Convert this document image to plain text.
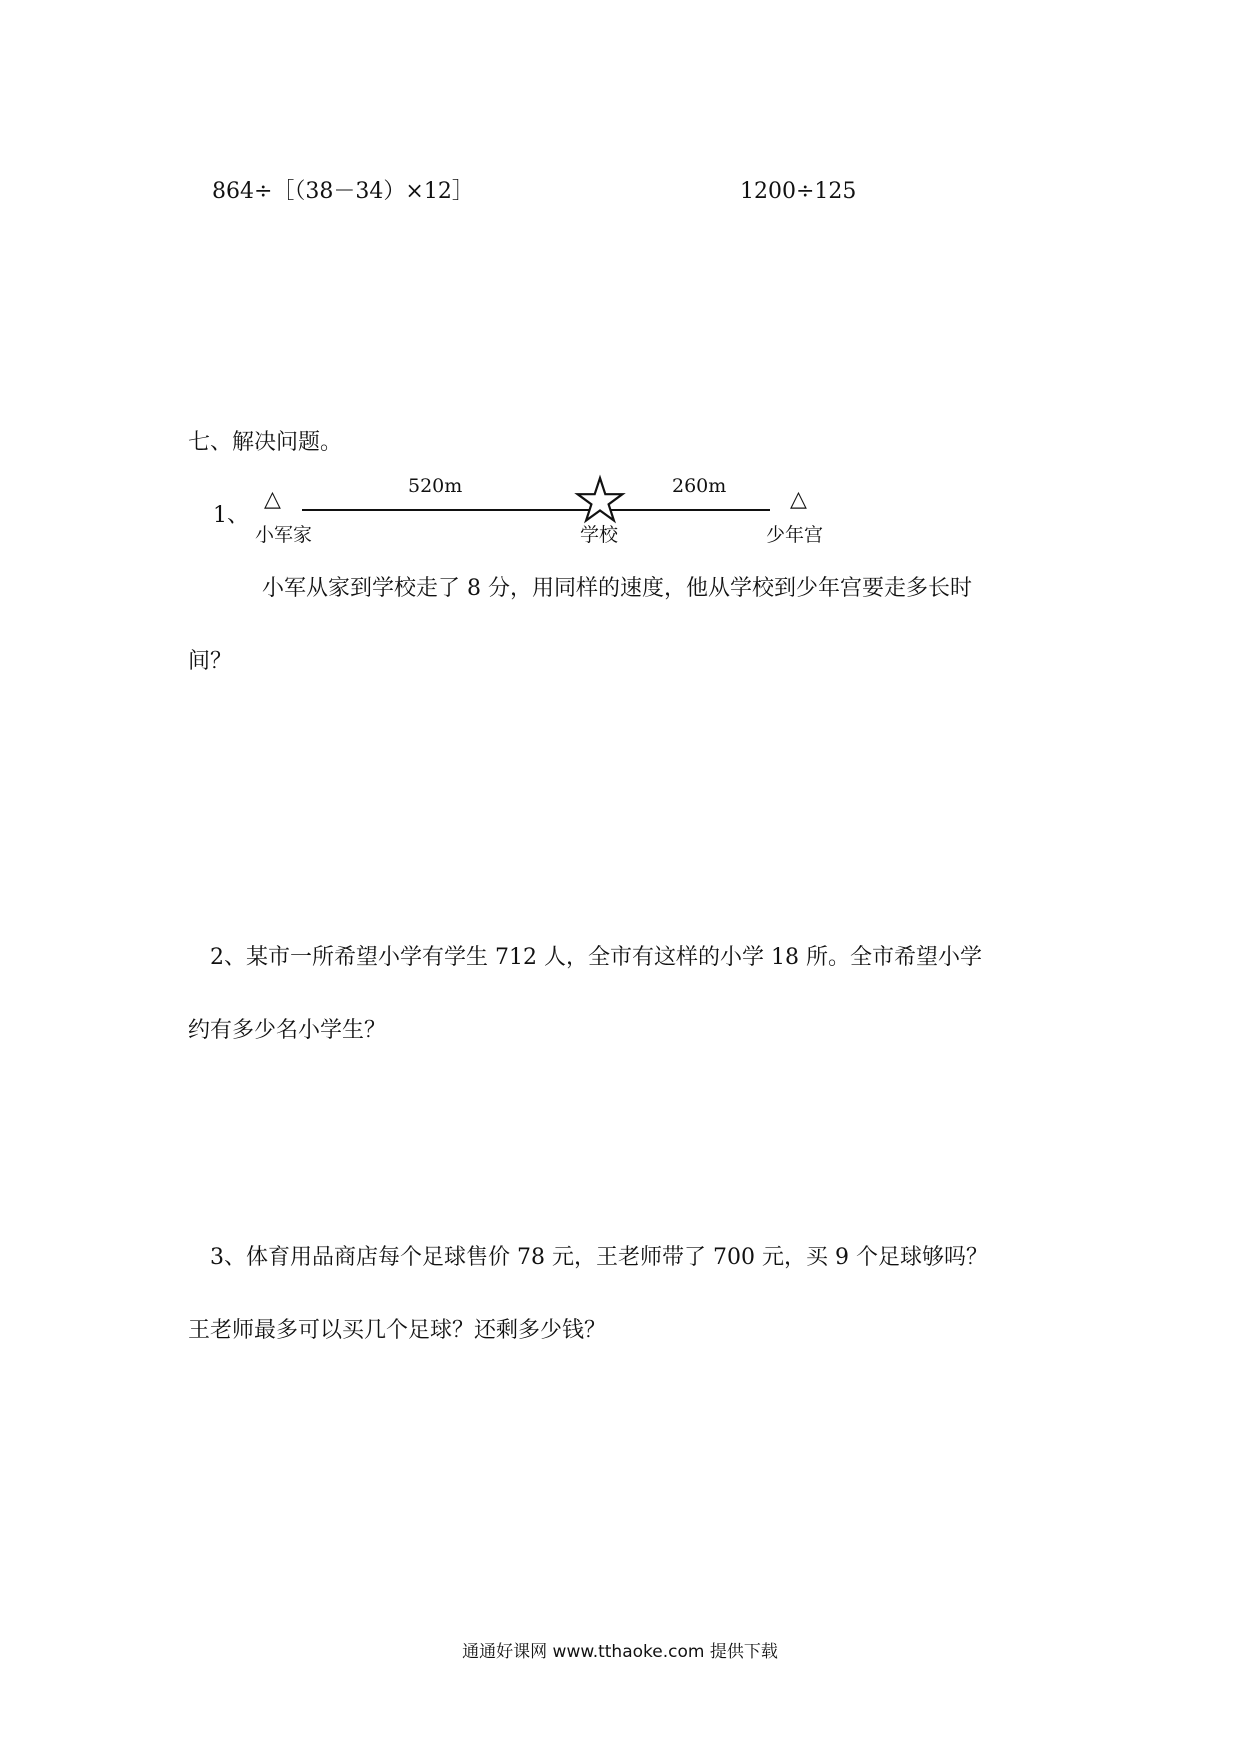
864÷［（38－34）×12］	1200÷125
七、解决问题。
1、
△	△
520m	260m
小军家	学校	少年宫
小军从家到学校走了 8 分，用同样的速度，他从学校到少年宫要走多长时
间？
2、某市一所希望小学有学生 712 人，全市有这样的小学 18 所。全市希望小学
约有多少名小学生？
3、体育用品商店每个足球售价 78 元，王老师带了 700 元，买 9 个足球够吗？
王老师最多可以买几个足球？还剩多少钱？
通通好课网 www.tthaoke.com 提供下载
